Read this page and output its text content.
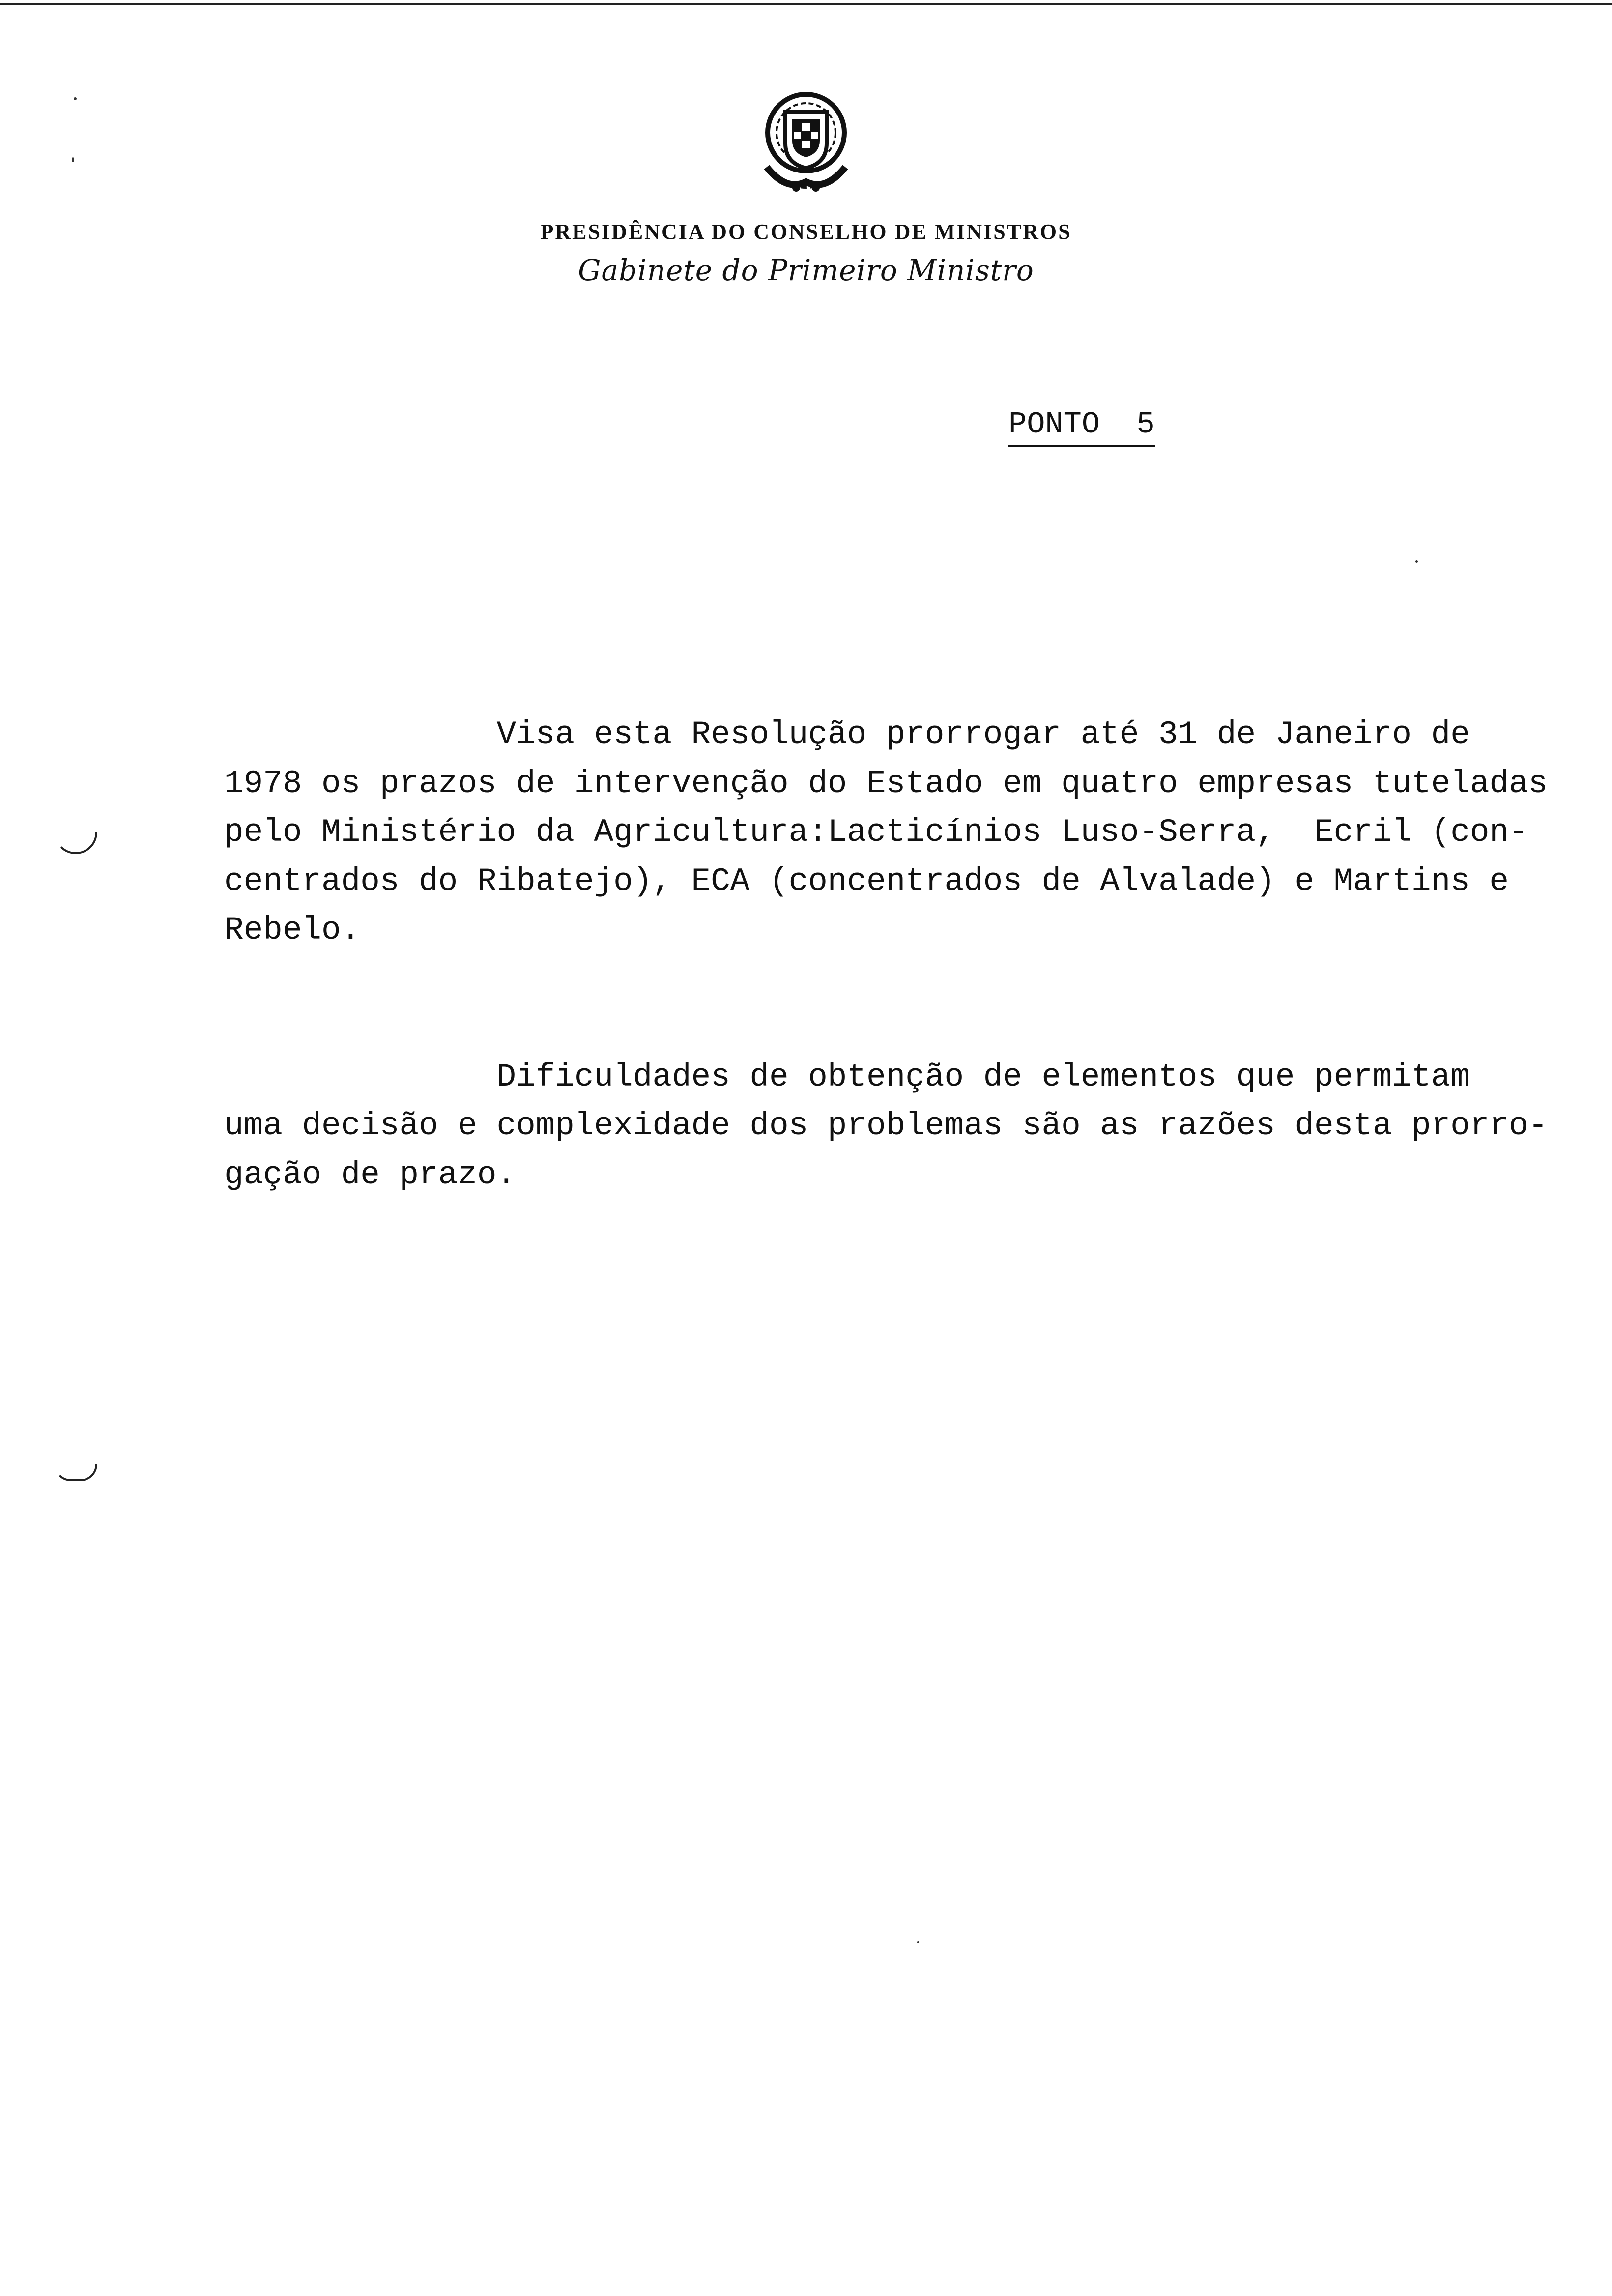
PRESIDÊNCIA DO CONSELHO DE MINISTROS
Gabinete do Primeiro Ministro
PONTO  5

Visa esta Resolução prorrogar até 31 de Janeiro de
1978 os prazos de intervenção do Estado em quatro empresas tuteladas
pelo Ministério da Agricultura:Lacticínios Luso-Serra,  Ecril (con-
centrados do Ribatejo), ECA (concentrados de Alvalade) e Martins e
Rebelo.

Dificuldades de obtenção de elementos que permitam
uma decisão e complexidade dos problemas são as razões desta prorro-
gação de prazo.
